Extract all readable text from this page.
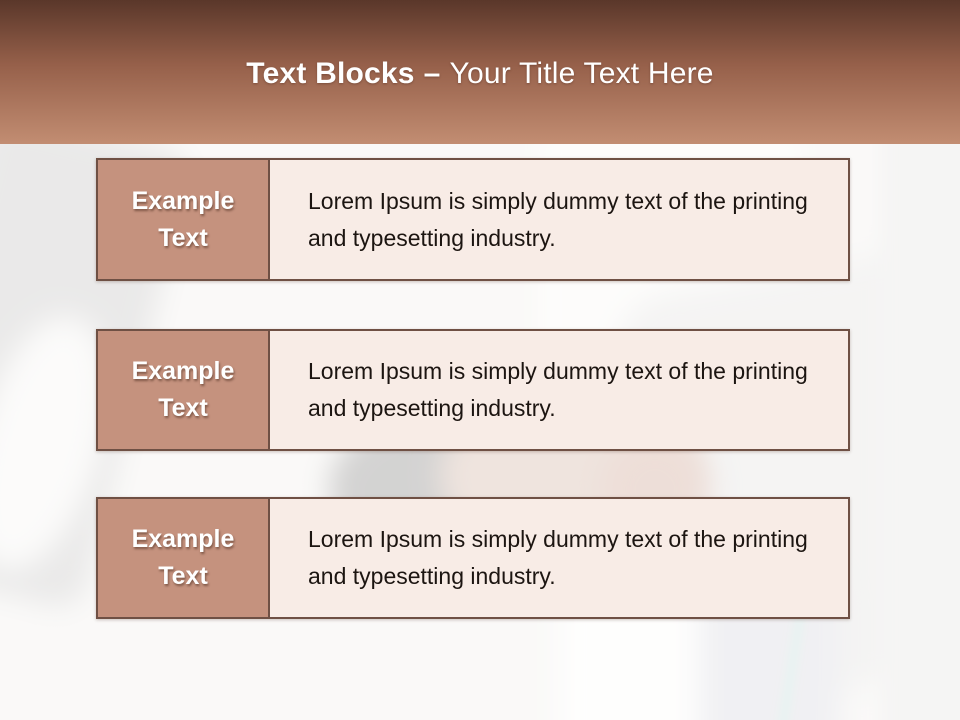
Text Blocks – Your Title Text Here
Example Text
Lorem Ipsum is simply dummy text of the printing and typesetting industry.
Example Text
Lorem Ipsum is simply dummy text of the printing and typesetting industry.
Example Text
Lorem Ipsum is simply dummy text of the printing and typesetting industry.
